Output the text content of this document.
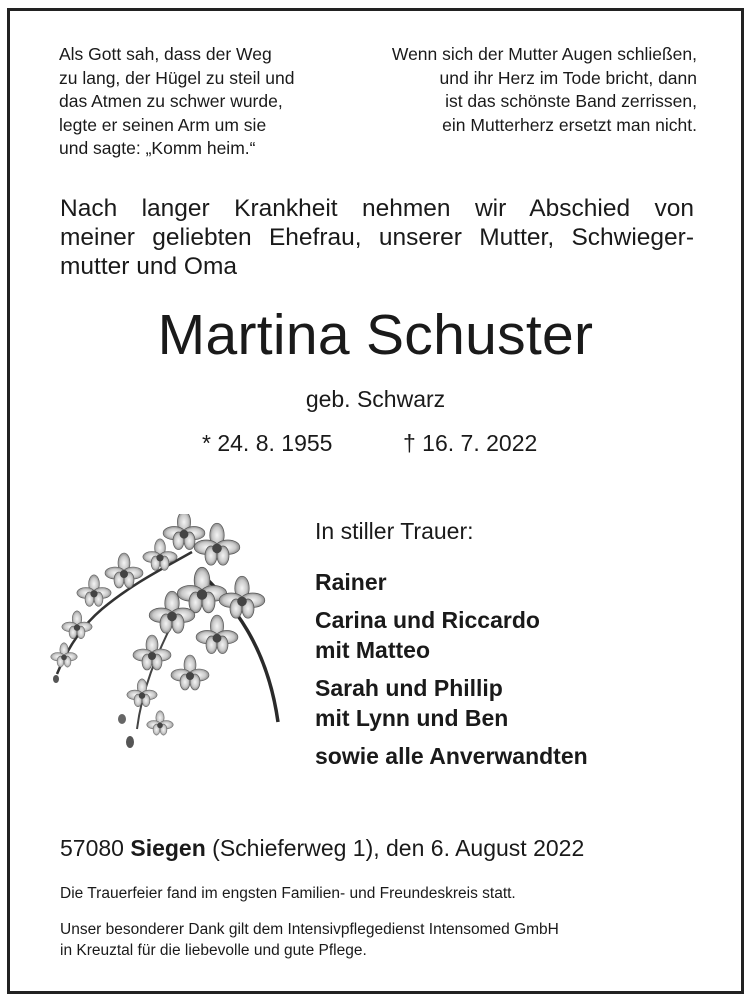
Als Gott sah, dass der Weg
zu lang, der Hügel zu steil und
das Atmen zu schwer wurde,
legte er seinen Arm um sie
und sagte: „Komm heim.“
Wenn sich der Mutter Augen schließen,
und ihr Herz im Tode bricht, dann
ist das schönste Band zerrissen,
ein Mutterherz ersetzt man nicht.
Nach langer Krankheit nehmen wir Abschied von
meiner geliebten Ehefrau, unserer Mutter, Schwieger-
mutter und Oma
Martina Schuster
geb. Schwarz
* 24. 8. 1955	† 16. 7. 2022
In stiller Trauer:
Rainer
Carina und Riccardo
mit Matteo
Sarah und Phillip
mit Lynn und Ben
sowie alle Anverwandten
57080 Siegen (Schieferweg 1), den 6. August 2022
Die Trauerfeier fand im engsten Familien- und Freundeskreis statt.
Unser besonderer Dank gilt dem Intensivpflegedienst Intensomed GmbH
in Kreuztal für die liebevolle und gute Pflege.
